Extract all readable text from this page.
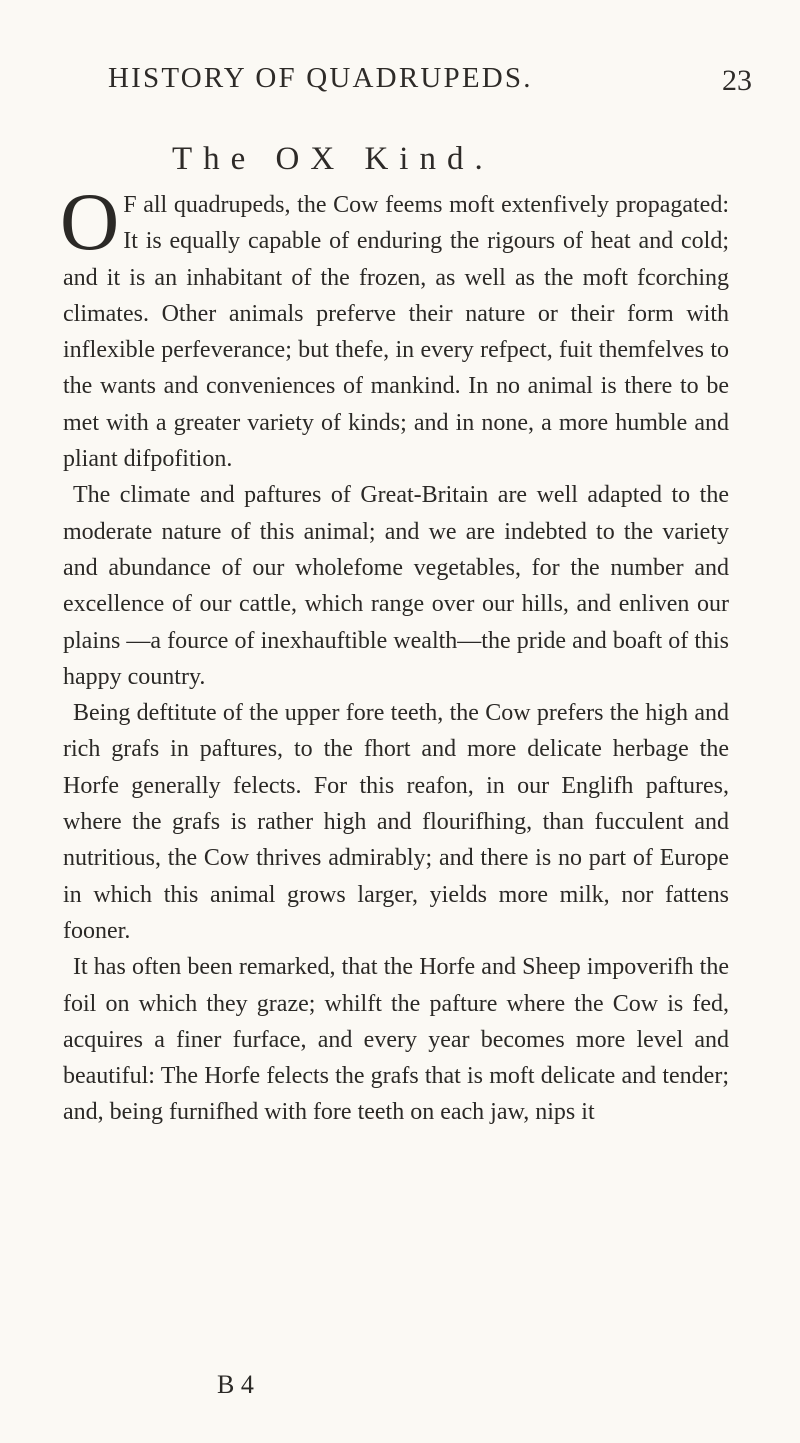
HISTORY OF QUADRUPEDS.	23
The OX Kind.

O F all quadrupeds, the Cow feems moft extenfively propagated: It is equally capable of enduring the rigours of heat and cold; and it is an inhabitant of the frozen, as well as the moft fcorching climates. Other animals preferve their nature or their form with inflexible perfeverance; but thefe, in every refpect, fuit themfelves to the wants and conveniences of mankind. In no animal is there to be met with a greater variety of kinds; and in none, a more humble and pliant difpofition.

The climate and paftures of Great-Britain are well adapted to the moderate nature of this animal; and we are indebted to the variety and abundance of our wholefome vegetables, for the number and excellence of our cattle, which range over our hills, and enliven our plains —a fource of inexhauftible wealth—the pride and boaft of this happy country.

Being deftitute of the upper fore teeth, the Cow prefers the high and rich grafs in paftures, to the fhort and more delicate herbage the Horfe generally felects. For this reafon, in our Englifh paftures, where the grafs is rather high and flourifhing, than fucculent and nutritious, the Cow thrives admirably; and there is no part of Europe in which this animal grows larger, yields more milk, nor fattens fooner.

It has often been remarked, that the Horfe and Sheep impoverifh the foil on which they graze; whilft the pafture where the Cow is fed, acquires a finer furface, and every year becomes more level and beautiful: The Horfe felects the grafs that is moft delicate and tender; and, being furnifhed with fore teeth on each jaw, nips it

B 4
